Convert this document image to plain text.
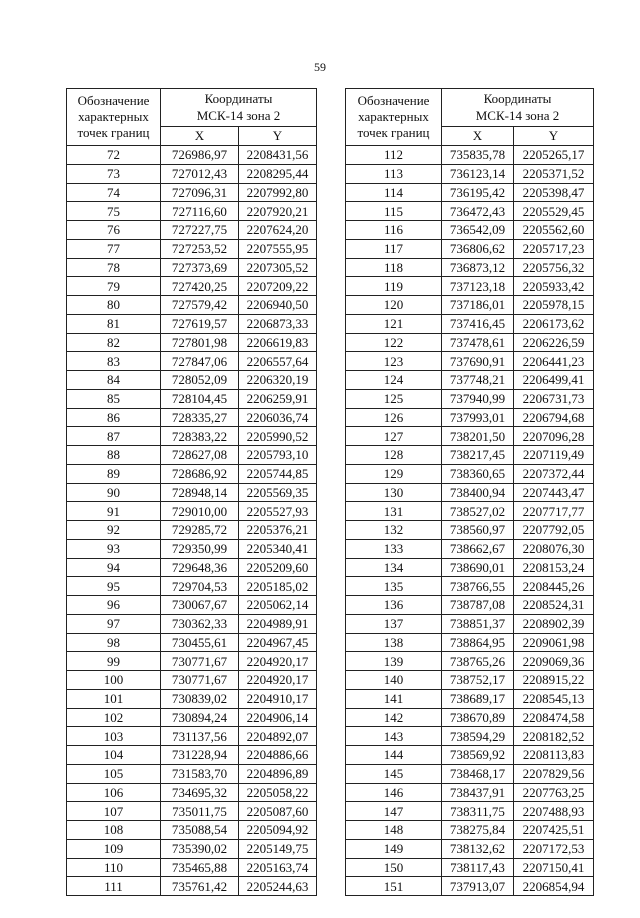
59
Обозначение характерных точек границ	Координаты
МСК-14 зона 2	
	X	Y
72	726986,97	2208431,56
73	727012,43	2208295,44
74	727096,31	2207992,80
75	727116,60	2207920,21
76	727227,75	2207624,20
77	727253,52	2207555,95
78	727373,69	2207305,52
79	727420,25	2207209,22
80	727579,42	2206940,50
81	727619,57	2206873,33
82	727801,98	2206619,83
83	727847,06	2206557,64
84	728052,09	2206320,19
85	728104,45	2206259,91
86	728335,27	2206036,74
87	728383,22	2205990,52
88	728627,08	2205793,10
89	728686,92	2205744,85
90	728948,14	2205569,35
91	729010,00	2205527,93
92	729285,72	2205376,21
93	729350,99	2205340,41
94	729648,36	2205209,60
95	729704,53	2205185,02
96	730067,67	2205062,14
97	730362,33	2204989,91
98	730455,61	2204967,45
99	730771,67	2204920,17
100	730771,67	2204920,17
101	730839,02	2204910,17
102	730894,24	2204906,14
103	731137,56	2204892,07
104	731228,94	2204886,66
105	731583,70	2204896,89
106	734695,32	2205058,22
107	735011,75	2205087,60
108	735088,54	2205094,92
109	735390,02	2205149,75
110	735465,88	2205163,74
111	735761,42	2205244,63
Обозначение характерных точек границ	Координаты
МСК-14 зона 2	
	X	Y
112	735835,78	2205265,17
113	736123,14	2205371,52
114	736195,42	2205398,47
115	736472,43	2205529,45
116	736542,09	2205562,60
117	736806,62	2205717,23
118	736873,12	2205756,32
119	737123,18	2205933,42
120	737186,01	2205978,15
121	737416,45	2206173,62
122	737478,61	2206226,59
123	737690,91	2206441,23
124	737748,21	2206499,41
125	737940,99	2206731,73
126	737993,01	2206794,68
127	738201,50	2207096,28
128	738217,45	2207119,49
129	738360,65	2207372,44
130	738400,94	2207443,47
131	738527,02	2207717,77
132	738560,97	2207792,05
133	738662,67	2208076,30
134	738690,01	2208153,24
135	738766,55	2208445,26
136	738787,08	2208524,31
137	738851,37	2208902,39
138	738864,95	2209061,98
139	738765,26	2209069,36
140	738752,17	2208915,22
141	738689,17	2208545,13
142	738670,89	2208474,58
143	738594,29	2208182,52
144	738569,92	2208113,83
145	738468,17	2207829,56
146	738437,91	2207763,25
147	738311,75	2207488,93
148	738275,84	2207425,51
149	738132,62	2207172,53
150	738117,43	2207150,41
151	737913,07	2206854,94
